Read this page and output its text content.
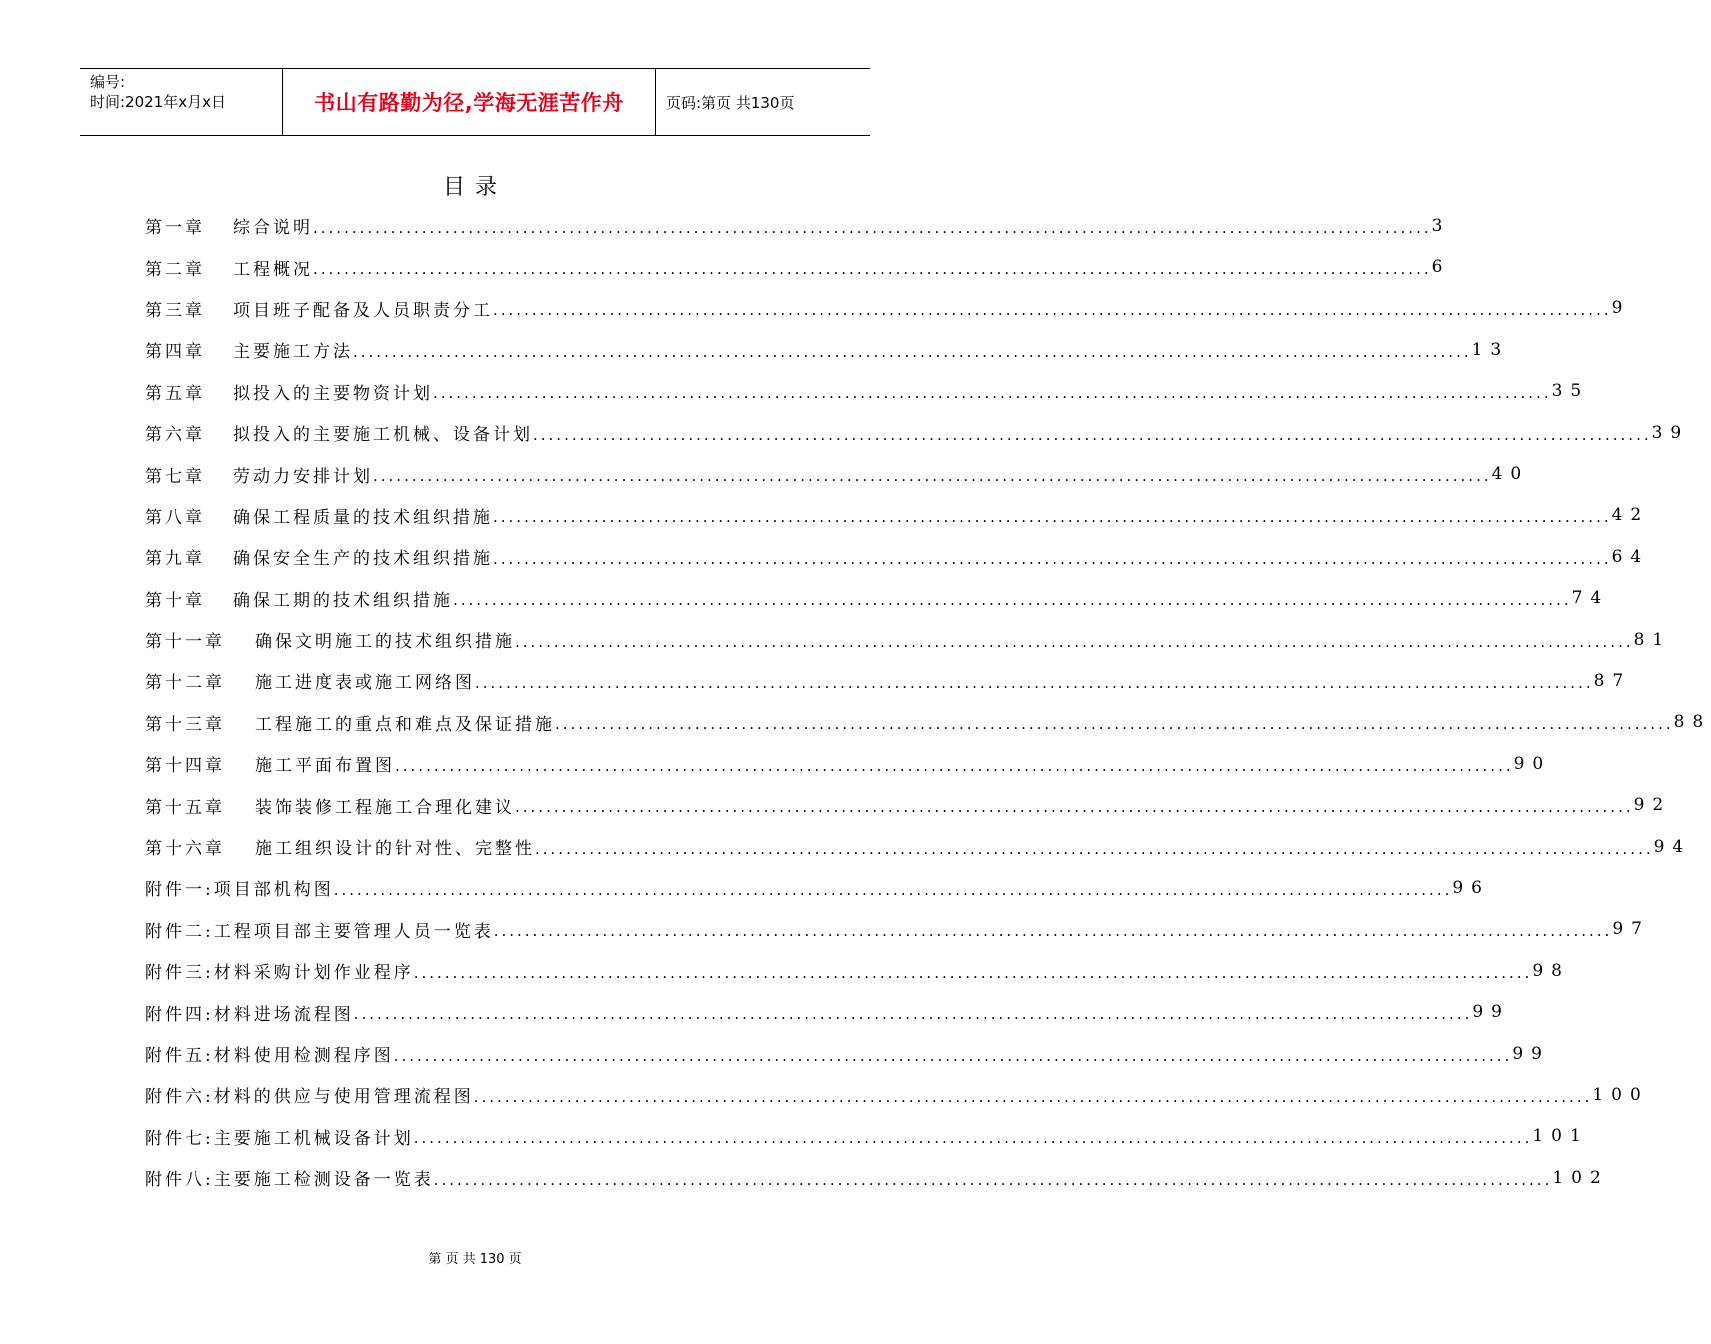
编号:
时间:2021年x月x日	书山有路勤为径,学海无涯苦作舟	页码:第页 共130页
目录
第一章	综合说明 .....	3
第二章	工程概况 .....	6
第三章	项目班子配备及人员职责分工 .....	9
第四章	主要施工方法 .....	13
第五章	拟投入的主要物资计划 .....	35
第六章	拟投入的主要施工机械、设备计划 .....	39
第七章	劳动力安排计划 .....	40
第八章	确保工程质量的技术组织措施 .....	42
第九章	确保安全生产的技术组织措施 .....	64
第十章	确保工期的技术组织措施 .....	74
第十一章	确保文明施工的技术组织措施 .....	81
第十二章	施工进度表或施工网络图 .....	87
第十三章	工程施工的重点和难点及保证措施 .....	88
第十四章	施工平面布置图 .....	90
第十五章	装饰装修工程施工合理化建议 .....	92
第十六章	施工组织设计的针对性、完整性 .....	94
附件一: 项目部机构图 .....	96
附件二: 工程项目部主要管理人员一览表 .....	97
附件三: 材料采购计划作业程序 .....	98
附件四: 材料进场流程图 .....	99
附件五: 材料使用检测程序图 .....	99
附件六: 材料的供应与使用管理流程图 .....	100
附件七: 主要施工机械设备计划 .....	101
附件八: 主要施工检测设备一览表 .....	102
第 页 共 130 页
